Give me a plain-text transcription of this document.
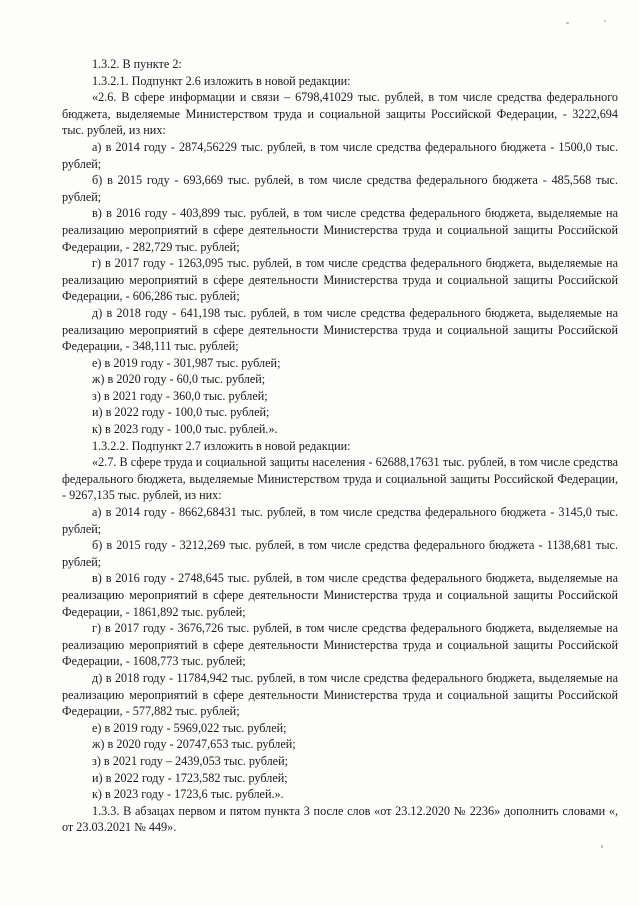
1.3.2. В пункте 2:

1.3.2.1. Подпункт 2.6 изложить в новой редакции:

«2.6. В сфере информации и связи – 6798,41029 тыс. рублей, в том числе средства федерального бюджета, выделяемые Министерством труда и социальной защиты Российской Федерации, - 3222,694 тыс. рублей, из них:

а) в 2014 году - 2874,56229 тыс. рублей, в том числе средства федерального бюджета - 1500,0 тыс. рублей;

б) в 2015 году - 693,669 тыс. рублей, в том числе средства федерального бюджета - 485,568 тыс. рублей;

в) в 2016 году - 403,899 тыс. рублей, в том числе средства федерального бюджета, выделяемые на реализацию мероприятий в сфере деятельности Министерства труда и социальной защиты Российской Федерации, - 282,729 тыс. рублей;

г) в 2017 году - 1263,095 тыс. рублей, в том числе средства федерального бюджета, выделяемые на реализацию мероприятий в сфере деятельности Министерства труда и социальной защиты Российской Федерации, - 606,286 тыс. рублей;

д) в 2018 году - 641,198 тыс. рублей, в том числе средства федерального бюджета, выделяемые на реализацию мероприятий в сфере деятельности Министерства труда и социальной защиты Российской Федерации, - 348,111 тыс. рублей;

е) в 2019 году - 301,987 тыс. рублей;

ж) в 2020 году - 60,0 тыс. рублей;

з) в 2021 году - 360,0 тыс. рублей;

и) в 2022 году - 100,0 тыс. рублей;

к) в 2023 году - 100,0 тыс. рублей.».

1.3.2.2. Подпункт 2.7 изложить в новой редакции:

«2.7. В сфере труда и социальной защиты населения - 62688,17631 тыс. рублей, в том числе средства федерального бюджета, выделяемые Министерством труда и социальной защиты Российской Федерации, - 9267,135 тыс. рублей, из них:

а) в 2014 году - 8662,68431 тыс. рублей, в том числе средства федерального бюджета - 3145,0 тыс. рублей;

б) в 2015 году - 3212,269 тыс. рублей, в том числе средства федерального бюджета - 1138,681 тыс. рублей;

в) в 2016 году - 2748,645 тыс. рублей, в том числе средства федерального бюджета, выделяемые на реализацию мероприятий в сфере деятельности Министерства труда и социальной защиты Российской Федерации, - 1861,892 тыс. рублей;

г) в 2017 году - 3676,726 тыс. рублей, в том числе средства федерального бюджета, выделяемые на реализацию мероприятий в сфере деятельности Министерства труда и социальной защиты Российской Федерации, - 1608,773 тыс. рублей;

д) в 2018 году - 11784,942 тыс. рублей, в том числе средства федерального бюджета, выделяемые на реализацию мероприятий в сфере деятельности Министерства труда и социальной защиты Российской Федерации, - 577,882 тыс. рублей;

е) в 2019 году - 5969,022 тыс. рублей;

ж) в 2020 году - 20747,653 тыс. рублей;

з) в 2021 году – 2439,053 тыс. рублей;

и) в 2022 году - 1723,582 тыс. рублей;

к) в 2023 году - 1723,6 тыс. рублей.».

1.3.3. В абзацах первом и пятом пункта 3 после слов «от 23.12.2020 № 2236» дополнить словами «, от 23.03.2021 № 449».
